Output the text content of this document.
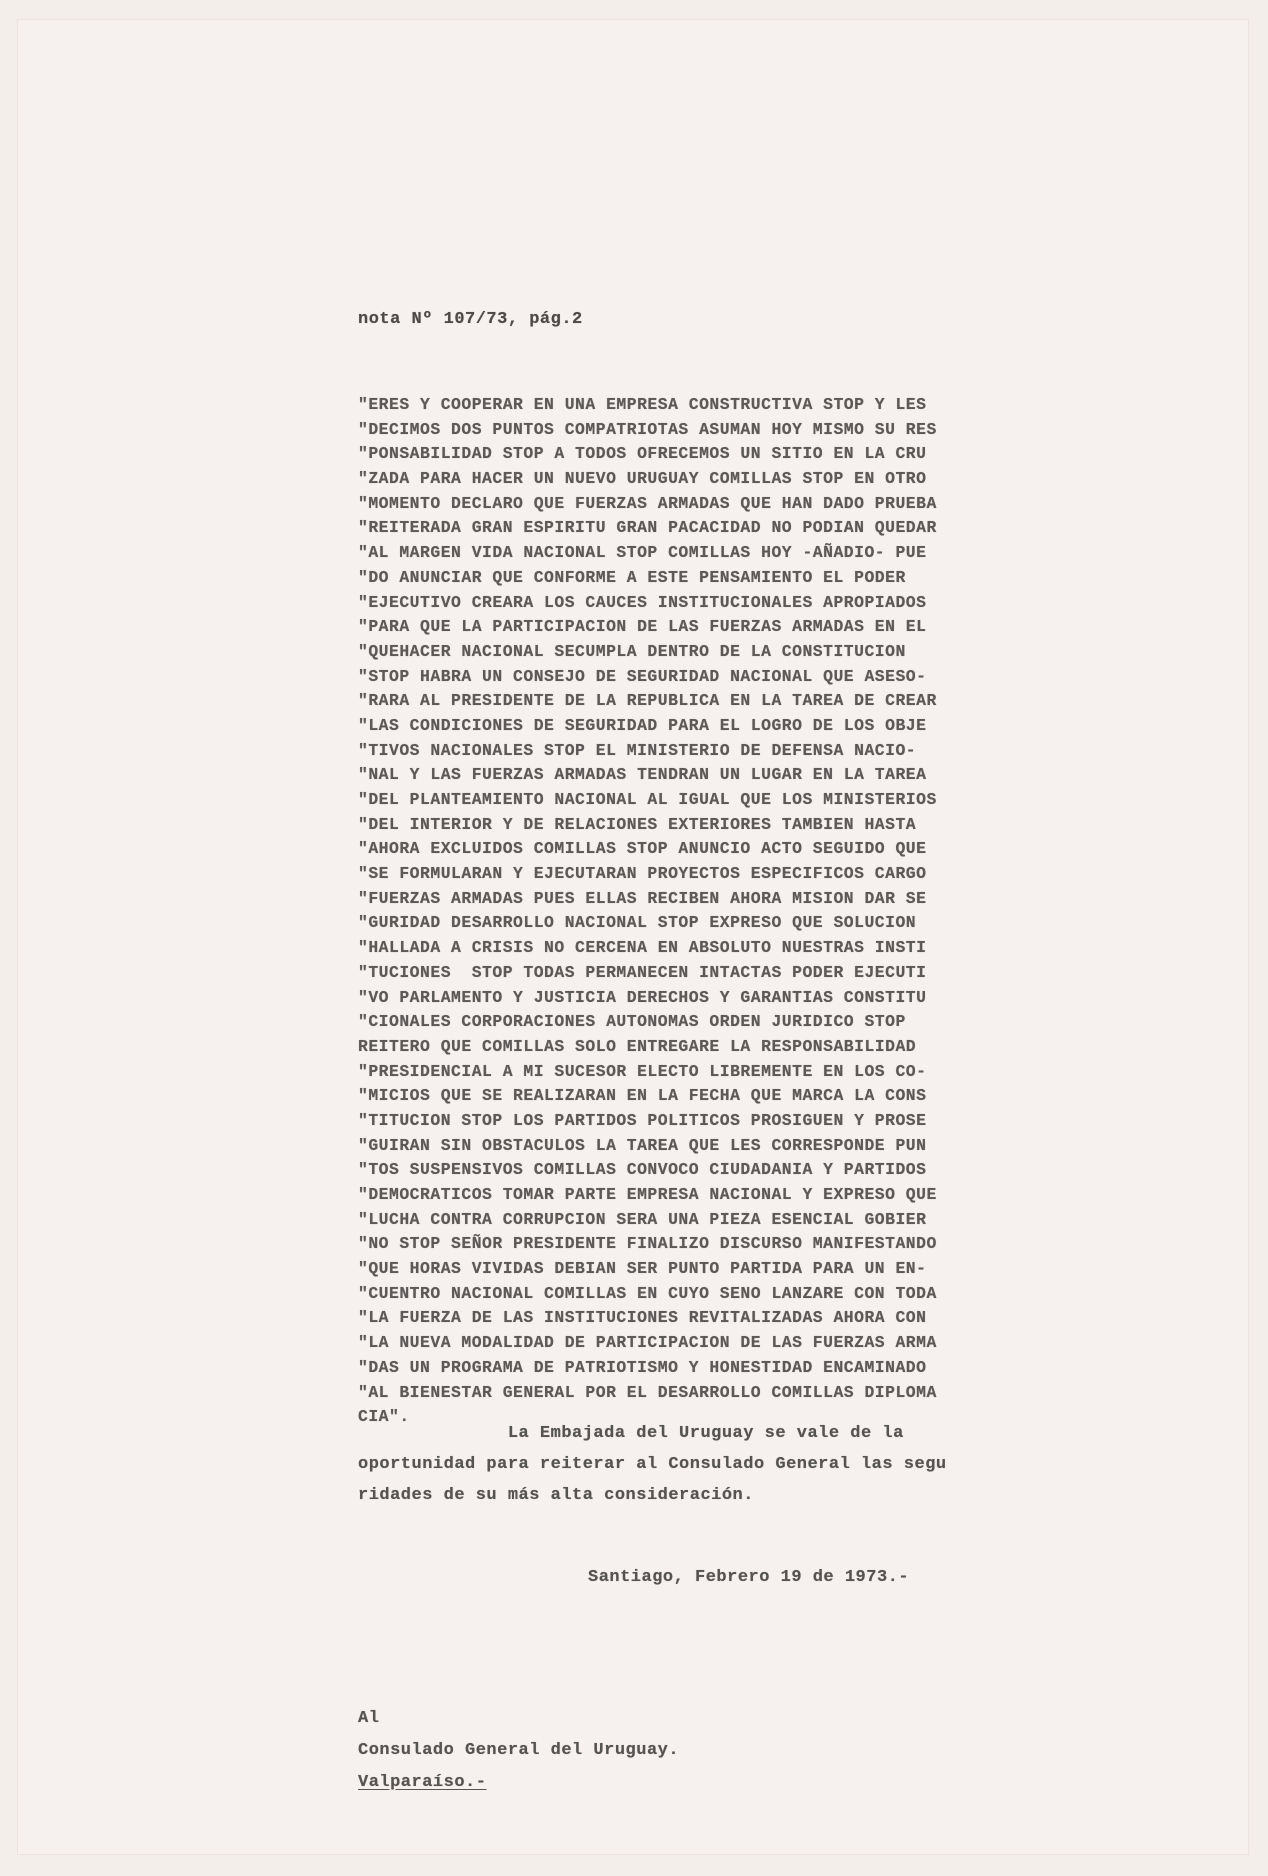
nota Nº 107/73, pág.2
"ERES Y COOPERAR EN UNA EMPRESA CONSTRUCTIVA STOP Y LES
"DECIMOS DOS PUNTOS COMPATRIOTAS ASUMAN HOY MISMO SU RES
"PONSABILIDAD STOP A TODOS OFRECEMOS UN SITIO EN LA CRU
"ZADA PARA HACER UN NUEVO URUGUAY COMILLAS STOP EN OTRO
"MOMENTO DECLARO QUE FUERZAS ARMADAS QUE HAN DADO PRUEBA
"REITERADA GRAN ESPIRITU GRAN PACACIDAD NO PODIAN QUEDAR
"AL MARGEN VIDA NACIONAL STOP COMILLAS HOY -AÑADIO- PUE
"DO ANUNCIAR QUE CONFORME A ESTE PENSAMIENTO EL PODER
"EJECUTIVO CREARA LOS CAUCES INSTITUCIONALES APROPIADOS
"PARA QUE LA PARTICIPACION DE LAS FUERZAS ARMADAS EN EL
"QUEHACER NACIONAL SECUMPLA DENTRO DE LA CONSTITUCION
"STOP HABRA UN CONSEJO DE SEGURIDAD NACIONAL QUE ASESO-
"RARA AL PRESIDENTE DE LA REPUBLICA EN LA TAREA DE CREAR
"LAS CONDICIONES DE SEGURIDAD PARA EL LOGRO DE LOS OBJE
"TIVOS NACIONALES STOP EL MINISTERIO DE DEFENSA NACIO-
"NAL Y LAS FUERZAS ARMADAS TENDRAN UN LUGAR EN LA TAREA
"DEL PLANTEAMIENTO NACIONAL AL IGUAL QUE LOS MINISTERIOS
"DEL INTERIOR Y DE RELACIONES EXTERIORES TAMBIEN HASTA
"AHORA EXCLUIDOS COMILLAS STOP ANUNCIO ACTO SEGUIDO QUE
"SE FORMULARAN Y EJECUTARAN PROYECTOS ESPECIFICOS CARGO
"FUERZAS ARMADAS PUES ELLAS RECIBEN AHORA MISION DAR SE
"GURIDAD DESARROLLO NACIONAL STOP EXPRESO QUE SOLUCION
"HALLADA A CRISIS NO CERCENA EN ABSOLUTO NUESTRAS INSTI
"TUCIONES  STOP TODAS PERMANECEN INTACTAS PODER EJECUTI
"VO PARLAMENTO Y JUSTICIA DERECHOS Y GARANTIAS CONSTITU
"CIONALES CORPORACIONES AUTONOMAS ORDEN JURIDICO STOP
REITERO QUE COMILLAS SOLO ENTREGARE LA RESPONSABILIDAD
"PRESIDENCIAL A MI SUCESOR ELECTO LIBREMENTE EN LOS CO-
"MICIOS QUE SE REALIZARAN EN LA FECHA QUE MARCA LA CONS
"TITUCION STOP LOS PARTIDOS POLITICOS PROSIGUEN Y PROSE
"GUIRAN SIN OBSTACULOS LA TAREA QUE LES CORRESPONDE PUN
"TOS SUSPENSIVOS COMILLAS CONVOCO CIUDADANIA Y PARTIDOS
"DEMOCRATICOS TOMAR PARTE EMPRESA NACIONAL Y EXPRESO QUE
"LUCHA CONTRA CORRUPCION SERA UNA PIEZA ESENCIAL GOBIER
"NO STOP SEÑOR PRESIDENTE FINALIZO DISCURSO MANIFESTANDO
"QUE HORAS VIVIDAS DEBIAN SER PUNTO PARTIDA PARA UN EN-
"CUENTRO NACIONAL COMILLAS EN CUYO SENO LANZARE CON TODA
"LA FUERZA DE LAS INSTITUCIONES REVITALIZADAS AHORA CON
"LA NUEVA MODALIDAD DE PARTICIPACION DE LAS FUERZAS ARMA
"DAS UN PROGRAMA DE PATRIOTISMO Y HONESTIDAD ENCAMINADO
"AL BIENESTAR GENERAL POR EL DESARROLLO COMILLAS DIPLOMA
CIA".
La Embajada del Uruguay se vale de la
oportunidad para reiterar al Consulado General las segu
ridades de su más alta consideración.
Santiago, Febrero 19 de 1973.-
Al
Consulado General del Uruguay.
Valparaíso.-
